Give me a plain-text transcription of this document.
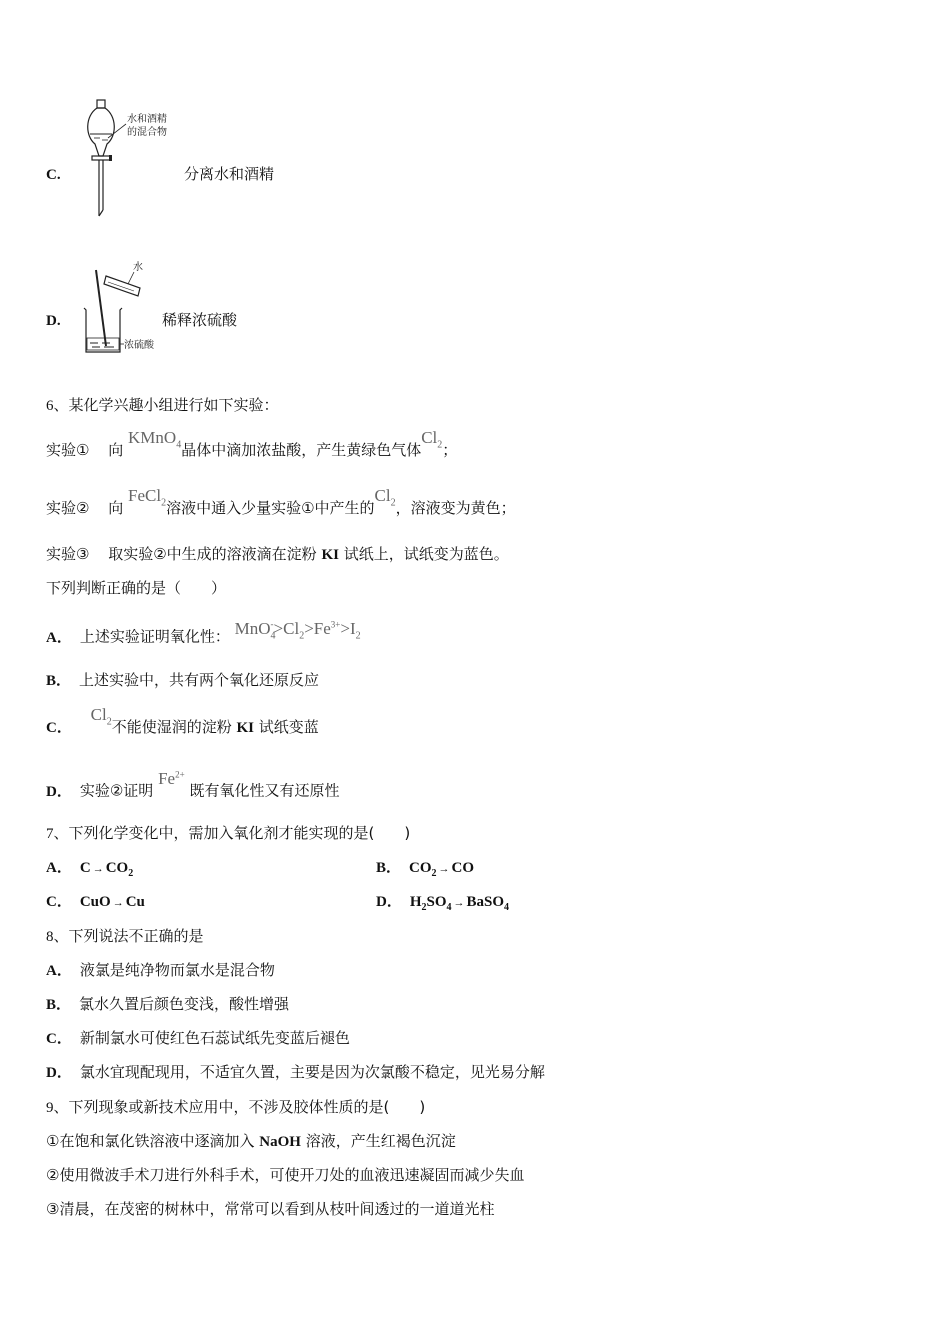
水和酒精
的混合物
C.	分离水和酒精
水
浓硫酸
D.	稀释浓硫酸
6、某化学兴趣小组进行如下实验：
实验① 向 KMnO$_4$晶体中滴加浓盐酸，产生黄绿色气体$Cl_2$；
实验② 向 FeCl$_2$溶液中通入少量实验①中产生的$Cl_2$，溶液变为黄色；
实验③ 取实验②中生成的溶液滴在淀粉 KI 试纸上，试纸变为蓝色。
下列判断正确的是（　　）
A． 上述实验证明氧化性： $MnO_4^->Cl_2>Fe^{3+}>I_2$
B． 上述实验中，共有两个氧化还原反应
C． $Cl_2$不能使湿润的淀粉 KI 试纸变蓝
D． 实验②证明 $Fe^{2+}$ 既有氧化性又有还原性
7、下列化学变化中，需加入氧化剂才能实现的是(　　)
A． $C \to CO_2$	B． $CO_2$ → CO
C． CuO → Cu	D． $H_2SO_4$ → BaSO$_4$
8、下列说法不正确的是
A． 液氯是纯净物而氯水是混合物
B． 氯水久置后颜色变浅，酸性增强
C． 新制氯水可使红色石蕊试纸先变蓝后褪色
D． 氯水宜现配现用，不适宜久置，主要是因为次氯酸不稳定，见光易分解
9、下列现象或新技术应用中，不涉及胶体性质的是(　　)
①在饱和氯化铁溶液中逐滴加入 NaOH 溶液，产生红褐色沉淀
②使用微波手术刀进行外科手术，可使开刀处的血液迅速凝固而减少失血
③清晨，在茂密的树林中，常常可以看到从枝叶间透过的一道道光柱
